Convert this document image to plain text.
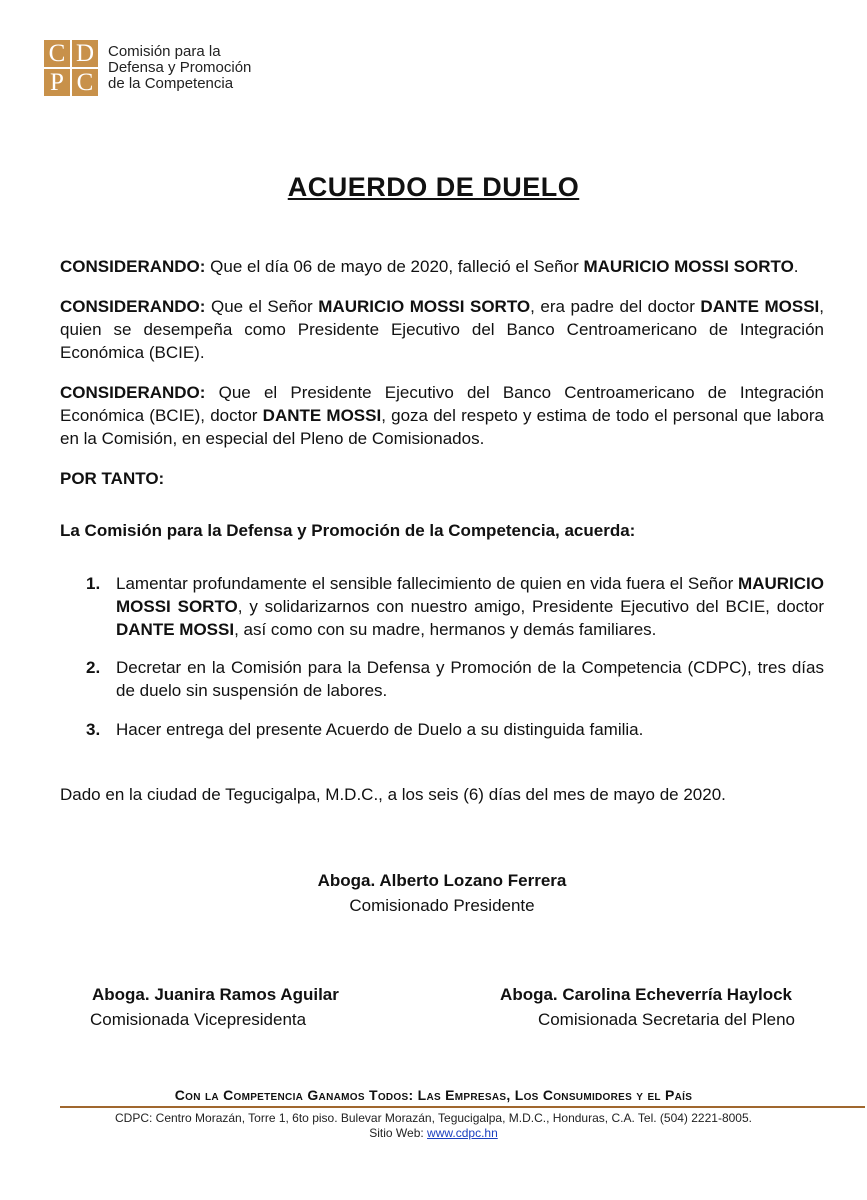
C D
P C
Comisión para la
Defensa y Promoción
de la Competencia
ACUERDO DE DUELO

CONSIDERANDO: Que el día 06 de mayo de 2020, falleció el Señor MAURICIO MOSSI SORTO.

CONSIDERANDO: Que el Señor MAURICIO MOSSI SORTO, era padre del doctor DANTE MOSSI, quien se desempeña como Presidente Ejecutivo del Banco Centroamericano de Integración Económica (BCIE).

CONSIDERANDO: Que el Presidente Ejecutivo del Banco Centroamericano de Integración Económica (BCIE), doctor DANTE MOSSI, goza del respeto y estima de todo el personal que labora en la Comisión, en especial del Pleno de Comisionados.

POR TANTO:

La Comisión para la Defensa y Promoción de la Competencia, acuerda:

1. Lamentar profundamente el sensible fallecimiento de quien en vida fuera el Señor MAURICIO MOSSI SORTO, y solidarizarnos con nuestro amigo, Presidente Ejecutivo del BCIE, doctor DANTE MOSSI, así como con su madre, hermanos y demás familiares.
2. Decretar en la Comisión para la Defensa y Promoción de la Competencia (CDPC), tres días de duelo sin suspensión de labores.
3. Hacer entrega del presente Acuerdo de Duelo a su distinguida familia.

Dado en la ciudad de Tegucigalpa, M.D.C., a los seis (6) días del mes de mayo de 2020.

Aboga. Alberto Lozano Ferrera
Comisionado Presidente
Aboga. Juanira Ramos Aguilar
Comisionada Vicepresidenta
Aboga. Carolina Echeverría Haylock
Comisionada Secretaria del Pleno
Con la Competencia Ganamos Todos: Las Empresas, Los Consumidores y el País
CDPC: Centro Morazán, Torre 1, 6to piso. Bulevar Morazán, Tegucigalpa, M.D.C., Honduras, C.A. Tel. (504) 2221-8005.
Sitio Web: www.cdpc.hn
